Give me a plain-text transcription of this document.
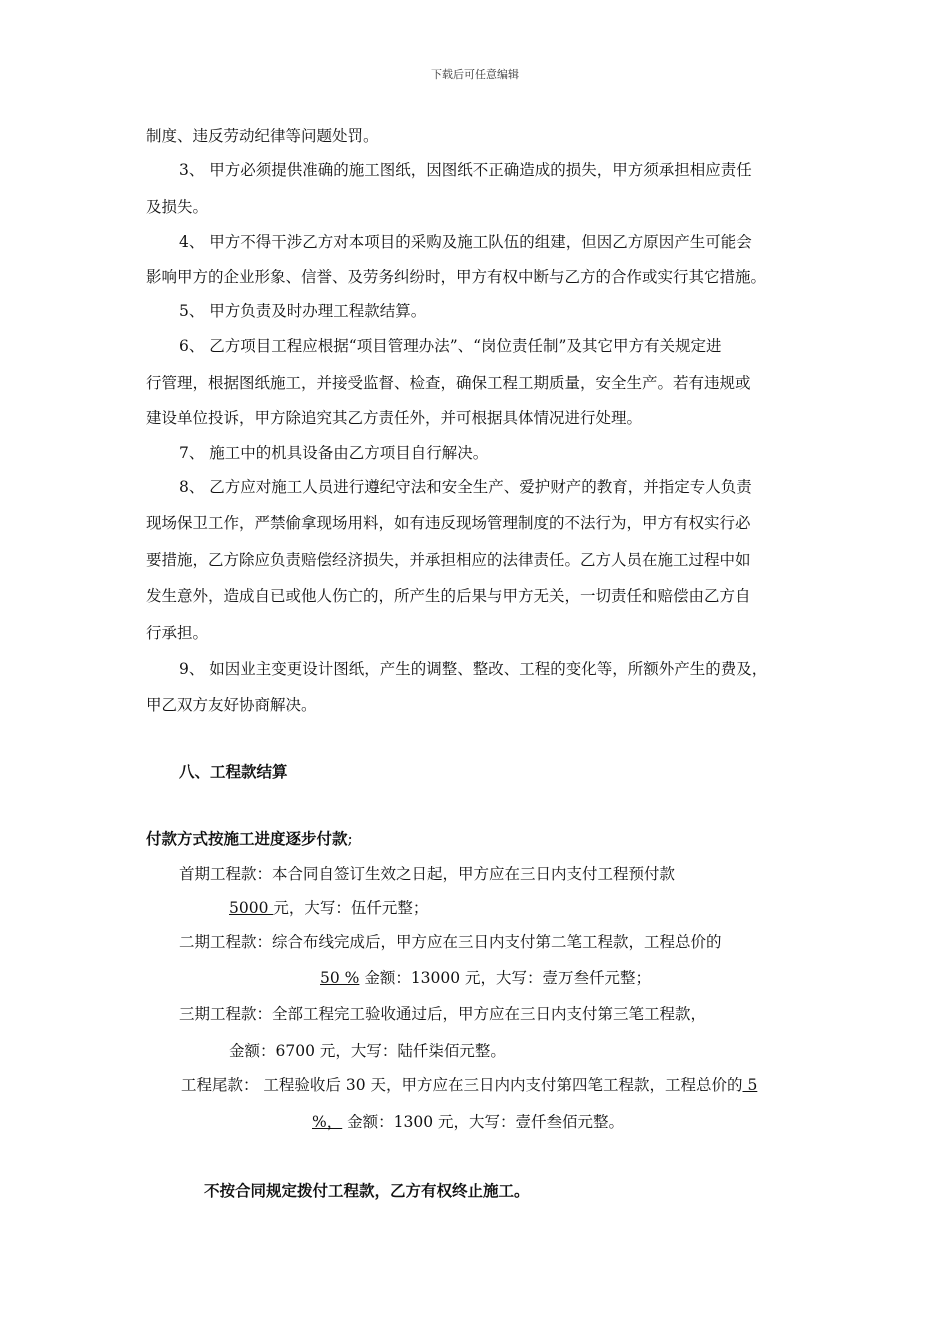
下载后可任意编辑
制度、违反劳动纪律等问题处罚。
3、 甲方必须提供准确的施工图纸，因图纸不正确造成的损失，甲方须承担相应责任
及损失。
4、 甲方不得干涉乙方对本项目的采购及施工队伍的组建，但因乙方原因产生可能会
影响甲方的企业形象、信誉、及劳务纠纷时，甲方有权中断与乙方的合作或实行其它措施。
5、 甲方负责及时办理工程款结算。
6、 乙方项目工程应根据“项目管理办法”、“岗位责任制”及其它甲方有关规定进
行管理，根据图纸施工，并接受监督、检查，确保工程工期质量，安全生产。若有违规或
建设单位投诉，甲方除追究其乙方责任外，并可根据具体情况进行处理。
7、 施工中的机具设备由乙方项目自行解决。
8、 乙方应对施工人员进行遵纪守法和安全生产、爱护财产的教育，并指定专人负责
现场保卫工作，严禁偷拿现场用料，如有违反现场管理制度的不法行为，甲方有权实行必
要措施，乙方除应负责赔偿经济损失，并承担相应的法律责任。乙方人员在施工过程中如
发生意外，造成自已或他人伤亡的，所产生的后果与甲方无关，一切责任和赔偿由乙方自
行承担。
9、 如因业主变更设计图纸，产生的调整、整改、工程的变化等，所额外产生的费及，
甲乙双方友好协商解决。
八、工程款结算
付款方式按施工进度逐步付款;
首期工程款：本合同自签订生效之日起，甲方应在三日内支付工程预付款
5000 元，大写：伍仟元整；
二期工程款：综合布线完成后，甲方应在三日内支付第二笔工程款，工程总价的
50 % 金额：13000 元，大写：壹万叁仟元整；
三期工程款：全部工程完工验收通过后，甲方应在三日内支付第三笔工程款，
金额：6700 元，大写：陆仟柒佰元整。
工程尾款： 工程验收后 30 天，甲方应在三日内内支付第四笔工程款，工程总价的 5
%， 金额：1300 元，大写：壹仟叁佰元整。
不按合同规定拨付工程款，乙方有权终止施工。
